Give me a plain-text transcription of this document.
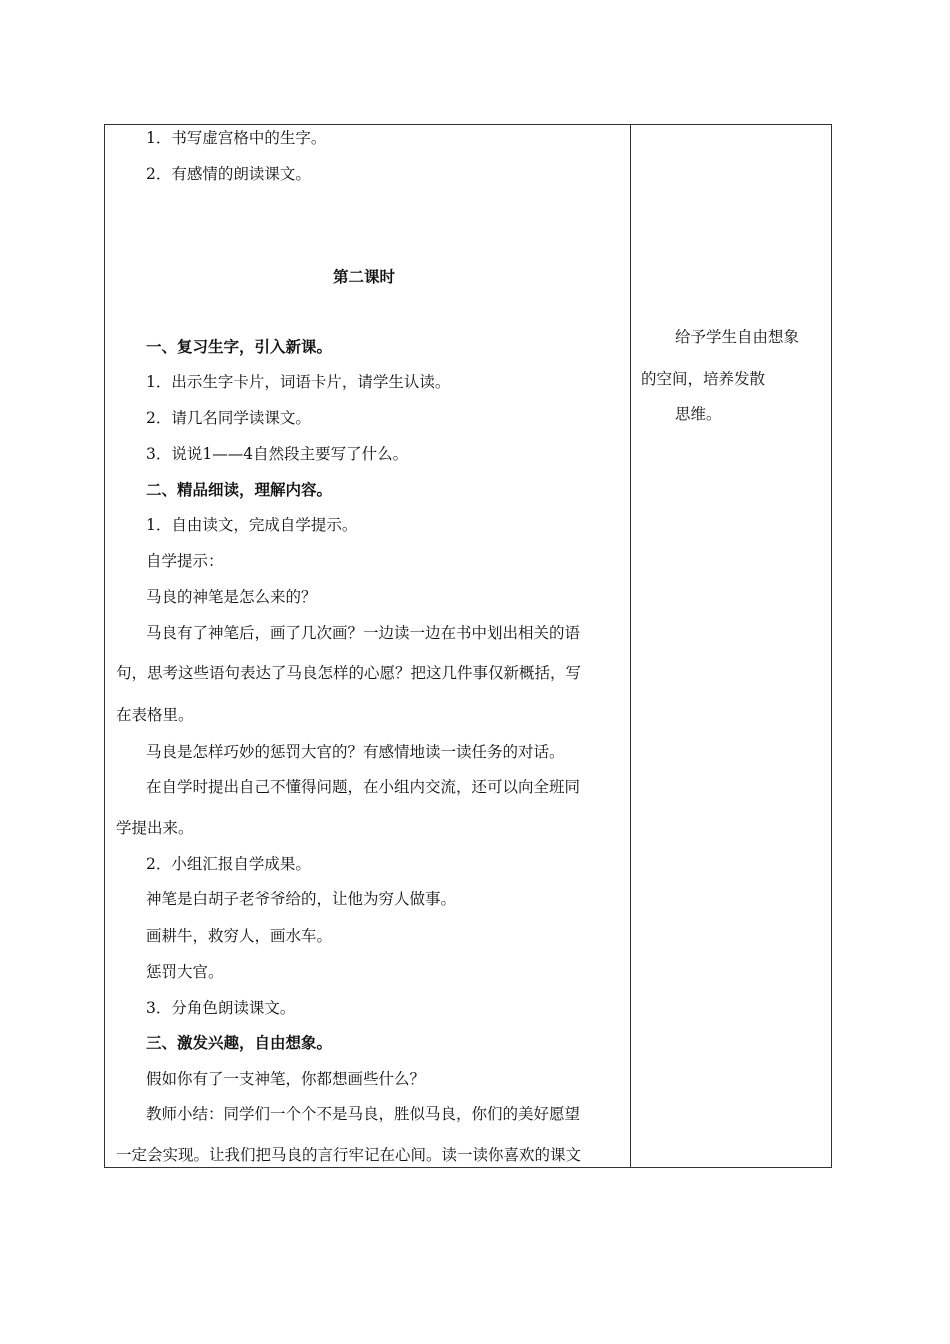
1．书写虚宫格中的生字。
2．有感情的朗读课文。
第二课时
一、复习生字，引入新课。
1．出示生字卡片，词语卡片，请学生认读。
2．请几名同学读课文。
3．说说1——4自然段主要写了什么。
二、精品细读，理解内容。
1．自由读文，完成自学提示。
自学提示：
马良的神笔是怎么来的？
马良有了神笔后，画了几次画？一边读一边在书中划出相关的语
句，思考这些语句表达了马良怎样的心愿？把这几件事仅新概括，写
在表格里。
马良是怎样巧妙的惩罚大官的？有感情地读一读任务的对话。
在自学时提出自己不懂得问题，在小组内交流，还可以向全班同
学提出来。
2．小组汇报自学成果。
神笔是白胡子老爷爷给的，让他为穷人做事。
画耕牛，救穷人，画水车。
惩罚大官。
3．分角色朗读课文。
三、激发兴趣，自由想象。
假如你有了一支神笔，你都想画些什么？
教师小结：同学们一个个不是马良，胜似马良，你们的美好愿望
一定会实现。让我们把马良的言行牢记在心间。读一读你喜欢的课文
给予学生自由想象
的空间，培养发散
思维。
